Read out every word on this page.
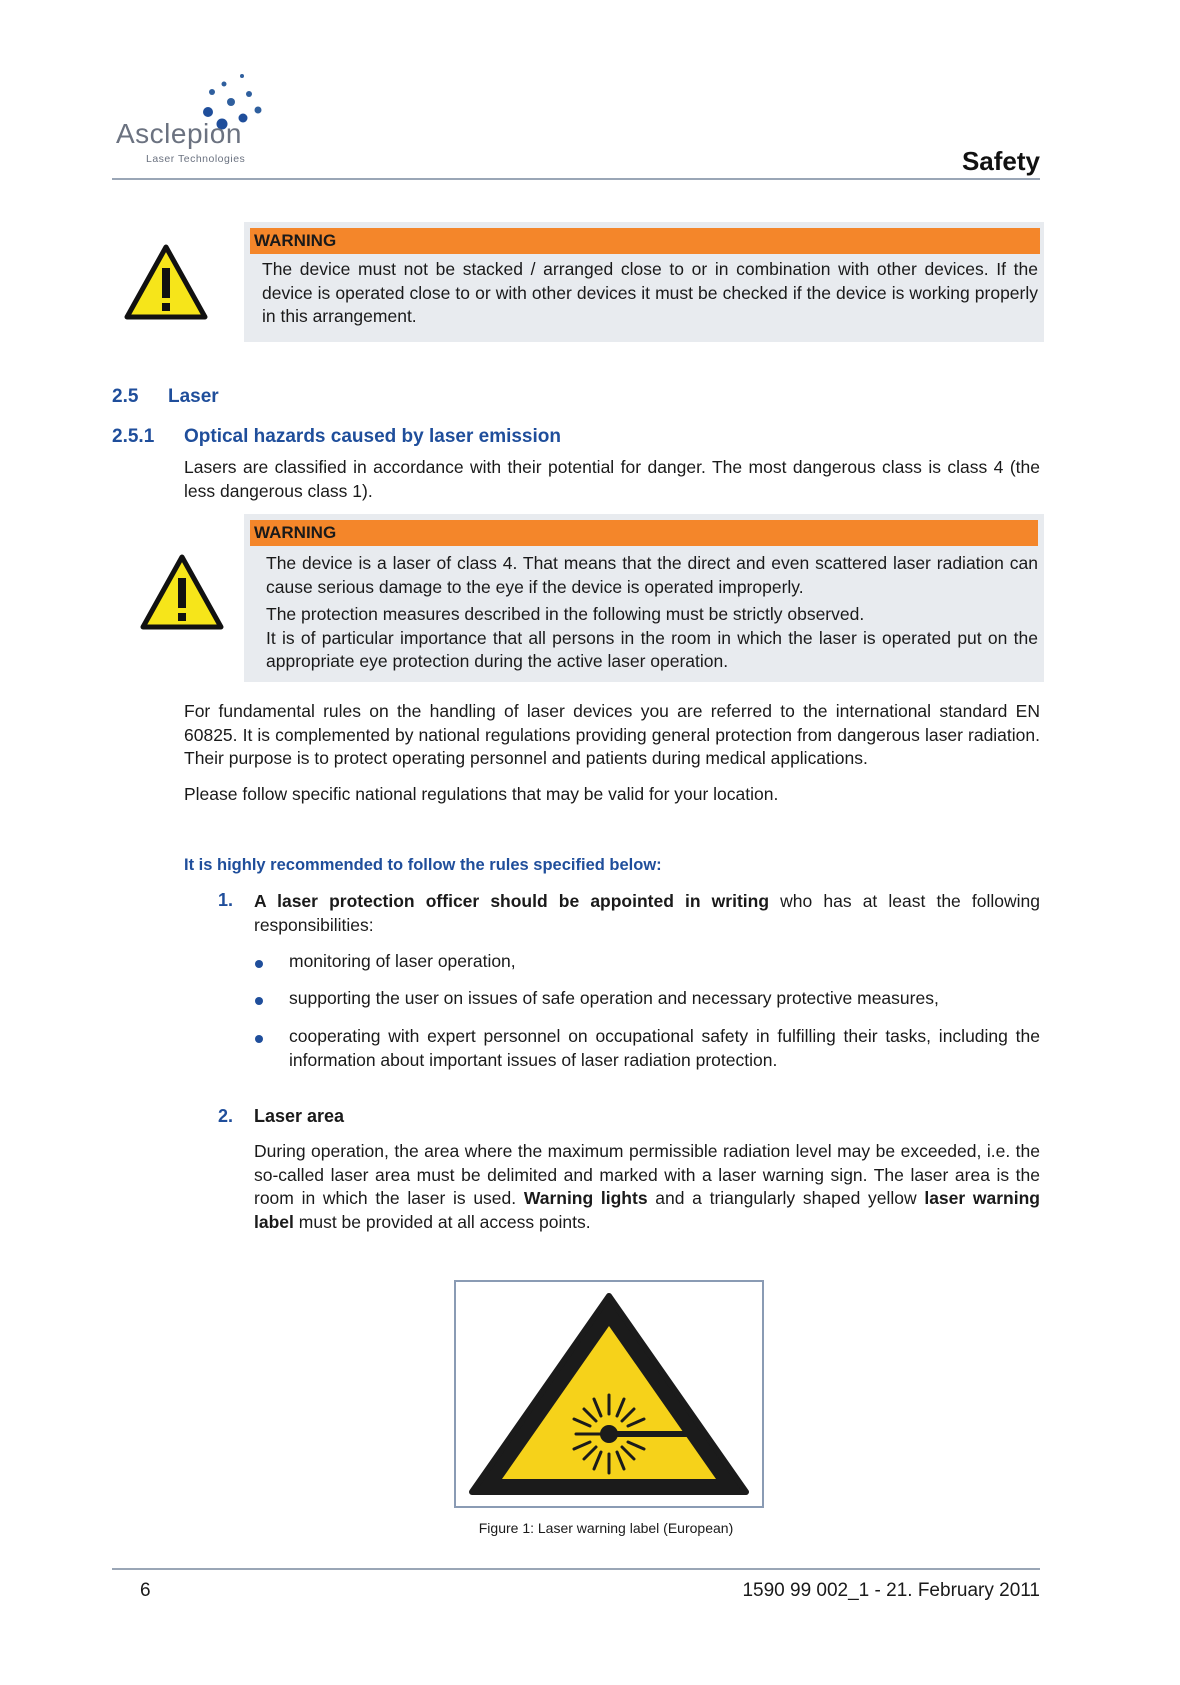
Asclepion
Laser Technologies	Safety
WARNING
The device must not be stacked / arranged close to or in combination with other devices. If the device is operated close to or with other devices it must be checked if the device is working properly in this arrangement.
2.5 Laser
2.5.1 Optical hazards caused by laser emission
Lasers are classified in accordance with their potential for danger. The most dangerous class is class 4 (the less dangerous class 1).
WARNING

The device is a laser of class 4. That means that the direct and even scattered laser radiation can cause serious damage to the eye if the device is operated improperly.

The protection measures described in the following must be strictly observed.

It is of particular importance that all persons in the room in which the laser is operated put on the appropriate eye protection during the active laser operation.

For fundamental rules on the handling of laser devices you are referred to the international standard EN 60825. It is complemented by national regulations providing general protection from dangerous laser radiation. Their purpose is to protect operating personnel and patients during medical applications.

Please follow specific national regulations that may be valid for your location.

It is highly recommended to follow the rules specified below:
1. A laser protection officer should be appointed in writing who has at least the following responsibilities:
monitoring of laser operation,
supporting the user on issues of safe operation and necessary protective measures,
cooperating with expert personnel on occupational safety in fulfilling their tasks, including the information about important issues of laser radiation protection.
2. Laser area
During operation, the area where the maximum permissible radiation level may be exceeded, i.e. the so-called laser area must be delimited and marked with a laser warning sign. The laser area is the room in which the laser is used. Warning lights and a triangularly shaped yellow laser warning label must be provided at all access points.
Figure 1: Laser warning label (European)
6	1590 99 002_1 - 21. February 2011
